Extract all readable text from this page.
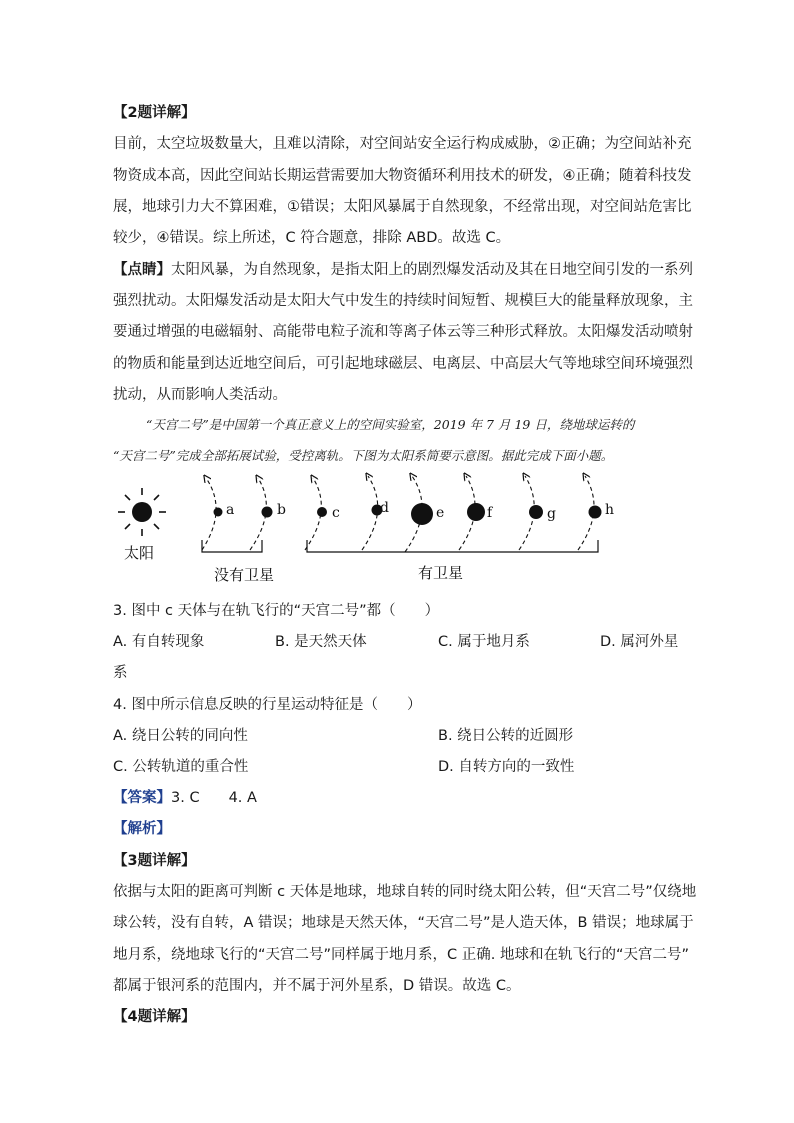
【2题详解】
目前，太空垃圾数量大，且难以清除，对空间站安全运行构成威胁，②正确；为空间站补充
物资成本高，因此空间站长期运营需要加大物资循环利用技术的研发，④正确；随着科技发
展，地球引力大不算困难，①错误；太阳风暴属于自然现象，不经常出现，对空间站危害比
较少，④错误。综上所述，C 符合题意，排除 ABD。故选 C。
【点睛】太阳风暴，为自然现象，是指太阳上的剧烈爆发活动及其在日地空间引发的一系列
强烈扰动。太阳爆发活动是太阳大气中发生的持续时间短暂、规模巨大的能量释放现象，主
要通过增强的电磁辐射、高能带电粒子流和等离子体云等三种形式释放。太阳爆发活动喷射
的物质和能量到达近地空间后，可引起地球磁层、电离层、中高层大气等地球空间环境强烈
扰动，从而影响人类活动。
“天宫二号”是中国第一个真正意义上的空间实验室，2019 年 7 月 19 日，绕地球运转的
“天宫二号”完成全部拓展试验，受控离轨。下图为太阳系简要示意图。据此完成下面小题。
太阳
a	b	c	d	e	f	g	h
没有卫星	有卫星
3. 图中 c 天体与在轨飞行的“天宫二号”都（　　）
A. 有自转现象	B. 是天然天体	C. 属于地月系	D. 属河外星
系
4. 图中所示信息反映的行星运动特征是（　　）
A. 绕日公转的同向性	B. 绕日公转的近圆形
C. 公转轨道的重合性	D. 自转方向的一致性
【答案】3. C　　4. A
【解析】
【3题详解】
依据与太阳的距离可判断 c 天体是地球，地球自转的同时绕太阳公转，但“天宫二号”仅绕地
球公转，没有自转，A 错误；地球是天然天体，“天宫二号”是人造天体，B 错误；地球属于
地月系，绕地球飞行的“天宫二号”同样属于地月系，C 正确. 地球和在轨飞行的“天宫二号”
都属于银河系的范围内，并不属于河外星系，D 错误。故选 C。
【4题详解】
